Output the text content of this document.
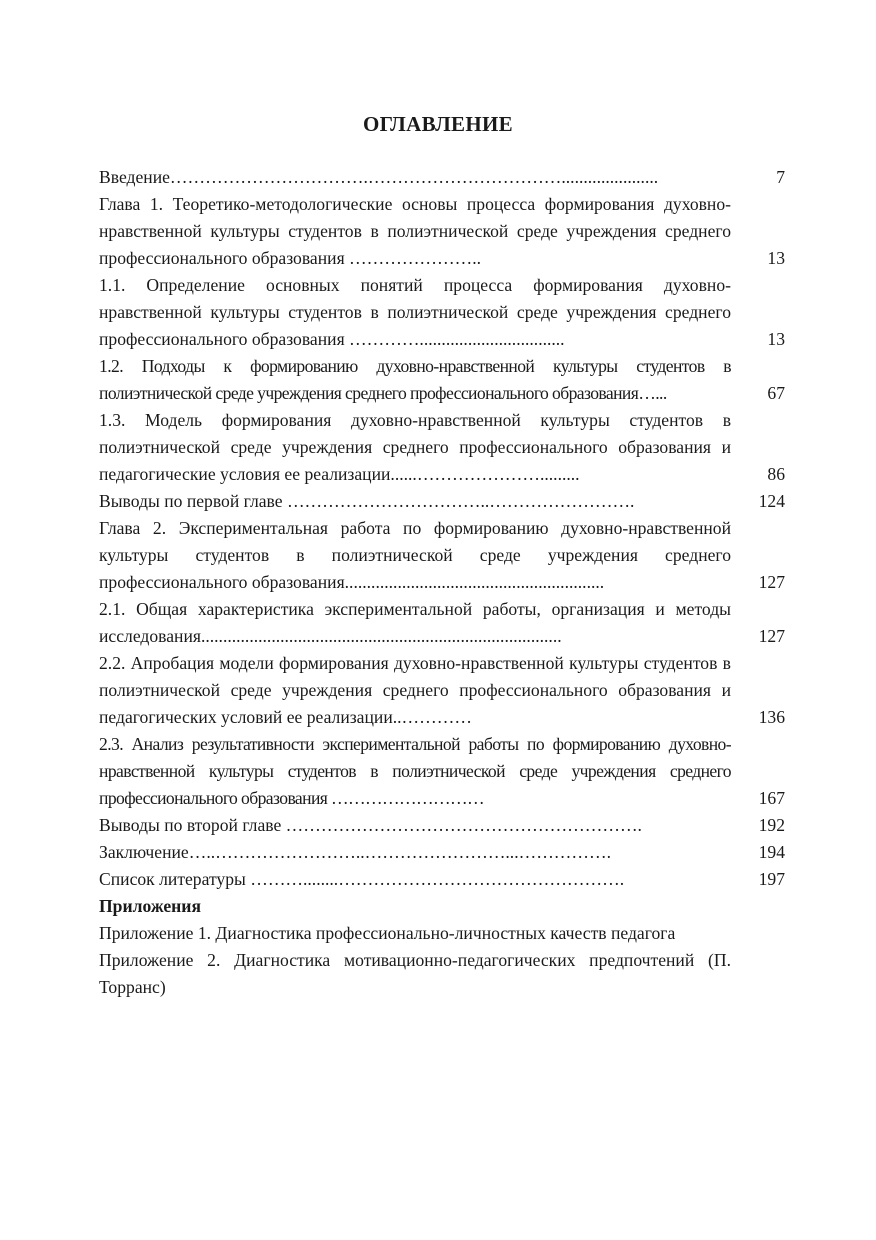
ОГЛАВЛЕНИЕ
Введение…………………………….……………………………......................	7
Глава 1. Теоретико-методологические основы процесса формирования духовно-нравственной культуры студентов в полиэтнической среде учреждения среднего профессионального образования …………………..	13
1.1. Определение основных понятий процесса формирования духовно-нравственной культуры студентов в полиэтнической среде учреждения среднего профессионального образования ………….................................	13
1.2. Подходы к формированию духовно-нравственной культуры студентов в полиэтнической среде учреждения среднего профессионального образования…...	67
1.3. Модель формирования духовно-нравственной культуры студентов в полиэтнической среде учреждения среднего профессионального образования и педагогические условия ее реализации......………………….........	86
Выводы по первой главе ……………………………..…………………….	124
Глава 2. Экспериментальная работа по формированию духовно-нравственной культуры студентов в полиэтнической среде учреждения среднего профессионального образования...........................................................	127
2.1. Общая характеристика экспериментальной работы, организация и методы исследования..................................................................................	127
2.2. Апробация модели формирования духовно-нравственной культуры студентов в полиэтнической среде учреждения среднего профессионального образования и педагогических условий ее реализации..…………	136
2.3. Анализ результативности экспериментальной работы по формированию духовно-нравственной культуры студентов в полиэтнической среде учреждения среднего профессионального образования ………………………	167
Выводы по второй главе …………………………………………………….	192
Заключение…..……………………..……………………...…………….	194
Список литературы ………........………………………………………….	197
Приложения
Приложение 1. Диагностика профессионально-личностных качеств педагога
Приложение 2. Диагностика мотивационно-педагогических предпочтений (П. Торранс)
